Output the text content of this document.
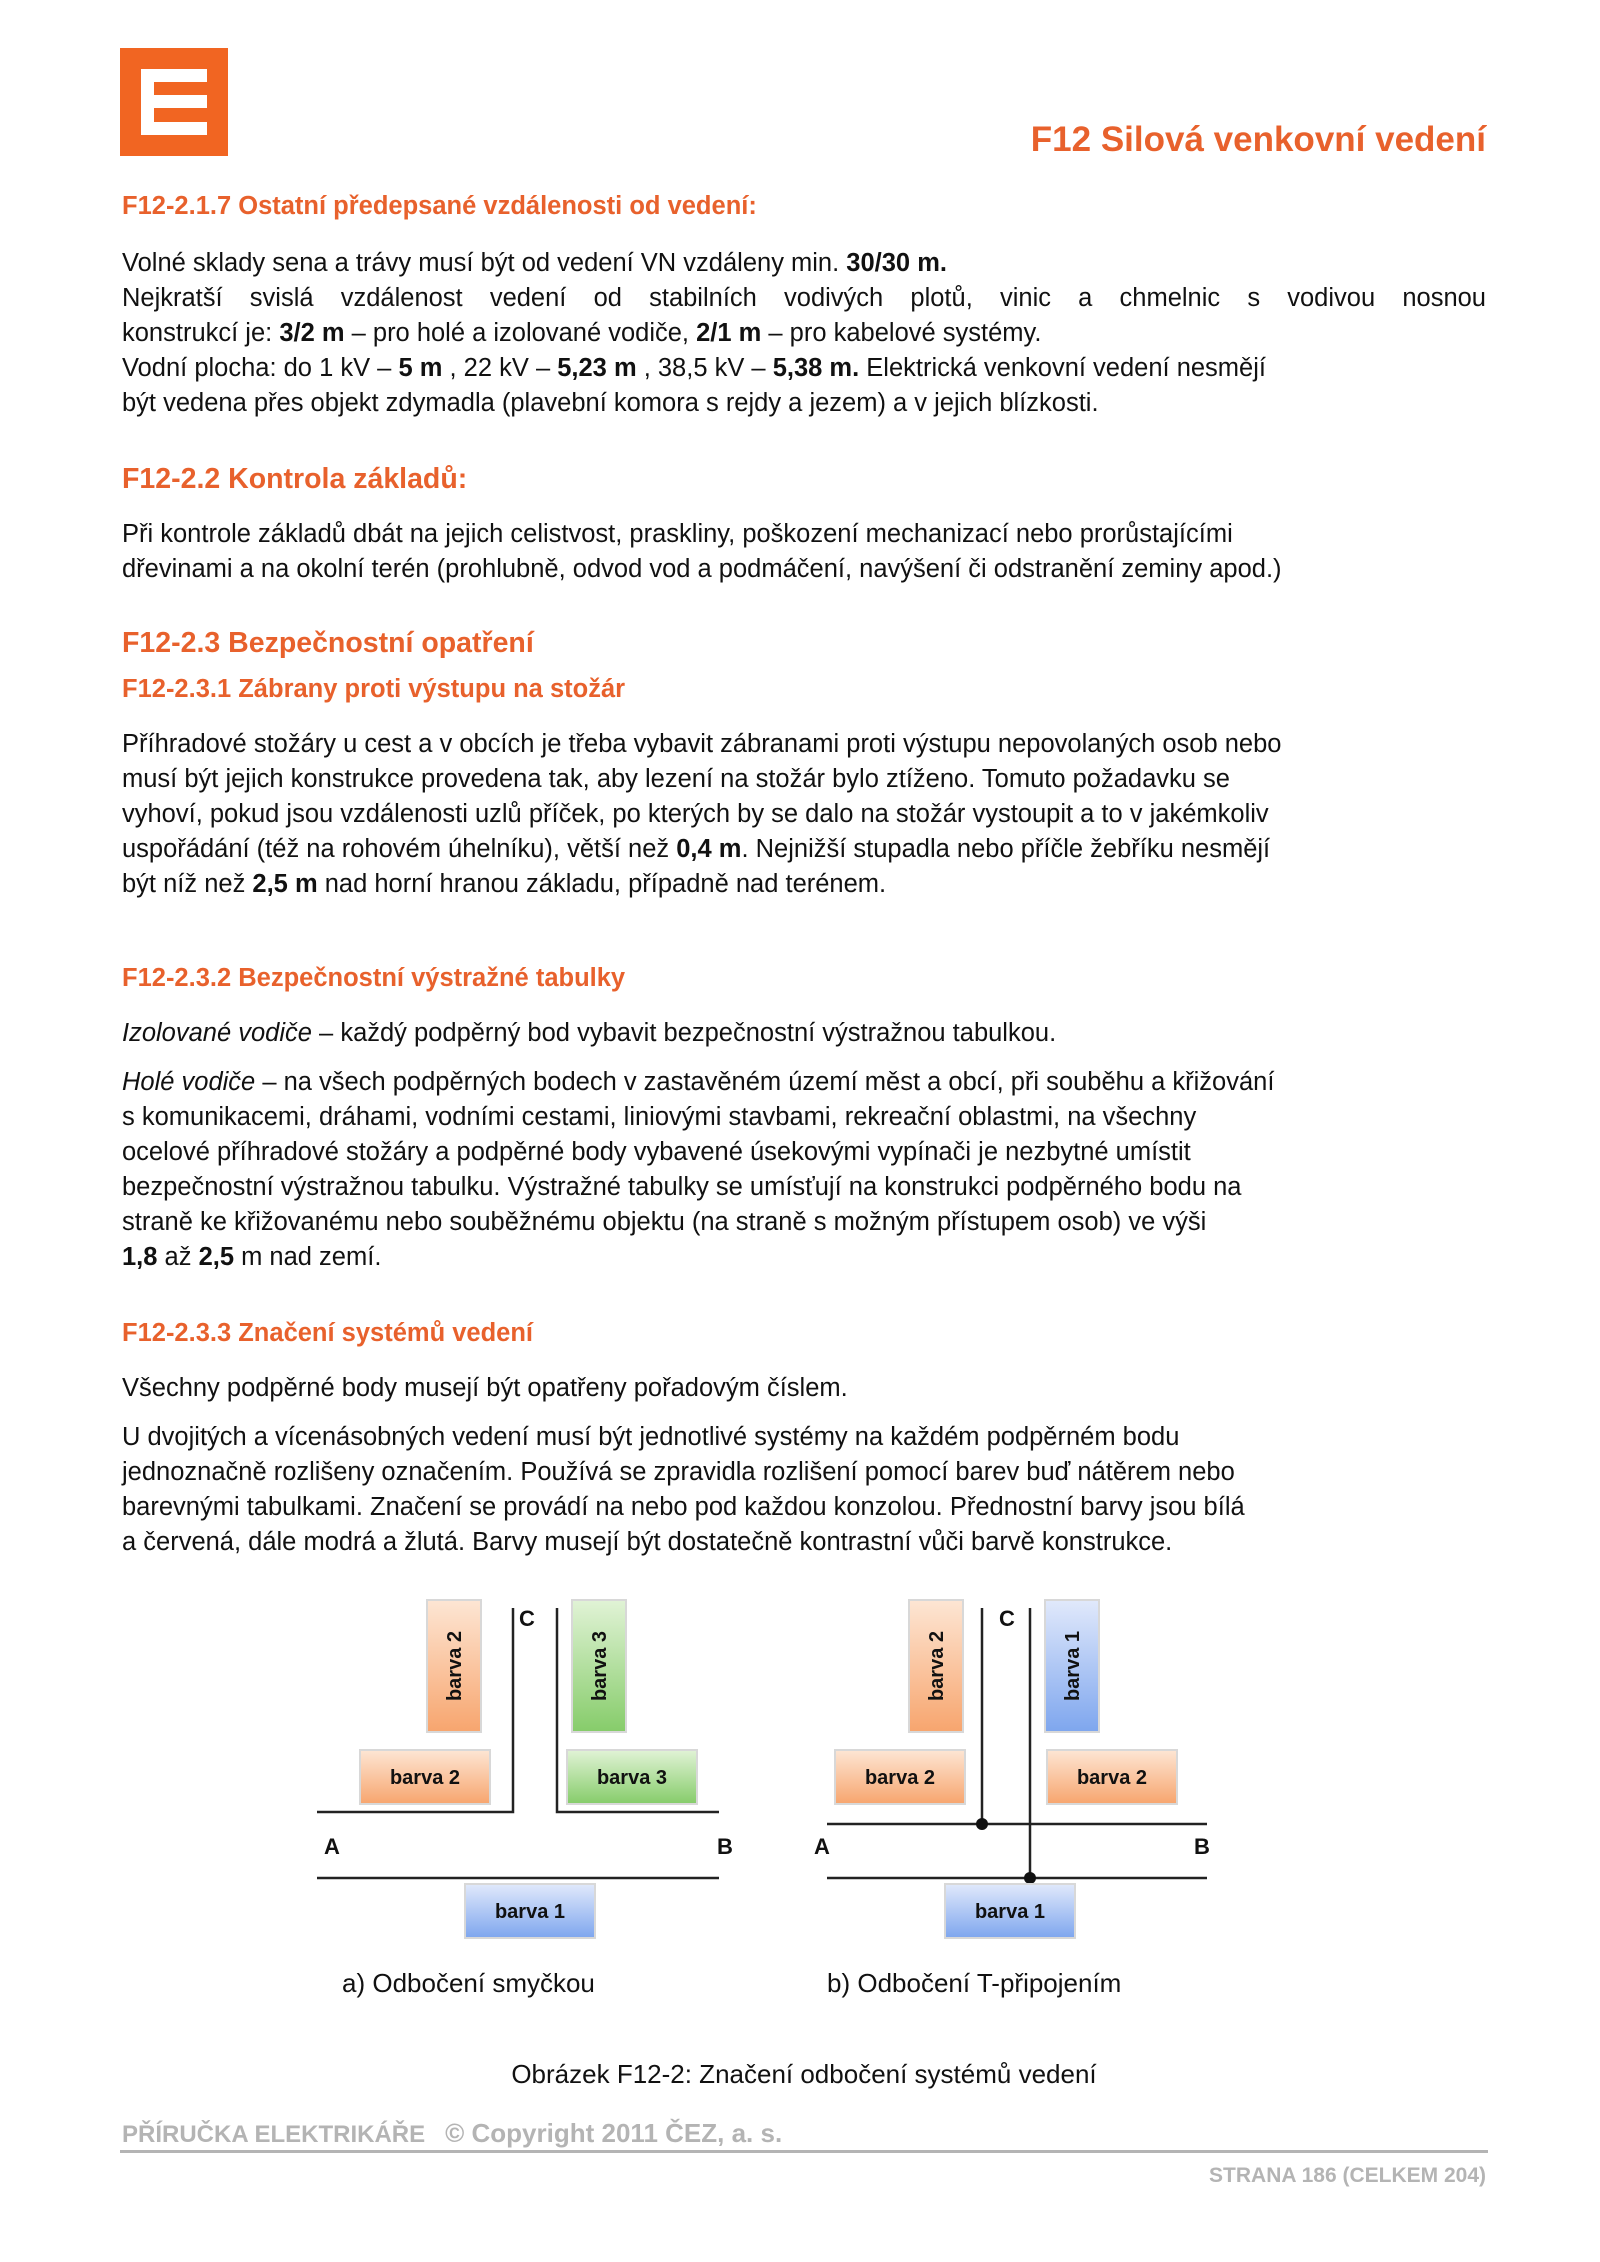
F12 Silová venkovní vedení
F12-2.1.7 Ostatní předepsané vzdálenosti od vedení:

Volné sklady sena a trávy musí být od vedení VN vzdáleny min. 30/30 m.

Nejkratší svislá vzdálenost vedení od stabilních vodivých plotů, vinic a chmelnic s vodivou nosnou

konstrukcí je: 3/2 m – pro holé a izolované vodiče, 2/1 m – pro kabelové systémy.

Vodní plocha: do 1 kV – 5 m , 22 kV – 5,23 m , 38,5 kV – 5,38 m. Elektrická venkovní vedení nesmějí

být vedena přes objekt zdymadla (plavební komora s rejdy a jezem) a v jejich blízkosti.

F12-2.2 Kontrola základů:

Při kontrole základů dbát na jejich celistvost, praskliny, poškození mechanizací nebo prorůstajícími

dřevinami a na okolní terén (prohlubně, odvod vod a podmáčení, navýšení či odstranění zeminy apod.)

F12-2.3 Bezpečnostní opatření
F12-2.3.1 Zábrany proti výstupu na stožár

Příhradové stožáry u cest a v obcích je třeba vybavit zábranami proti výstupu nepovolaných osob nebo

musí být jejich konstrukce provedena tak, aby lezení na stožár bylo ztíženo. Tomuto požadavku se

vyhoví, pokud jsou vzdálenosti uzlů příček, po kterých by se dalo na stožár vystoupit a to v jakémkoliv

uspořádání (též na rohovém úhelníku), větší než 0,4 m. Nejnižší stupadla nebo příčle žebříku nesmějí

být níž než 2,5 m nad horní hranou základu, případně nad terénem.

F12-2.3.2 Bezpečnostní výstražné tabulky

Izolované vodiče – každý podpěrný bod vybavit bezpečnostní výstražnou tabulkou.

Holé vodiče – na všech podpěrných bodech v zastavěném území měst a obcí, při souběhu a křižování

s komunikacemi, dráhami, vodními cestami, liniovými stavbami, rekreační oblastmi, na všechny

ocelové příhradové stožáry a podpěrné body vybavené úsekovými vypínači je nezbytné umístit

bezpečnostní výstražnou tabulku. Výstražné tabulky se umísťují na konstrukci podpěrného bodu na

straně ke křižovanému nebo souběžnému objektu (na straně s možným přístupem osob) ve výši

1,8 až 2,5 m nad zemí.

F12-2.3.3 Značení systémů vedení

Všechny podpěrné body musejí být opatřeny pořadovým číslem.

U dvojitých a vícenásobných vedení musí být jednotlivé systémy na každém podpěrném bodu

jednoznačně rozlišeny označením. Používá se zpravidla rozlišení pomocí barev buď nátěrem nebo

barevnými tabulkami. Značení se provádí na nebo pod každou konzolou. Přednostní barvy jsou bílá

a červená, dále modrá a žlutá. Barvy musejí být dostatečně kontrastní vůči barvě konstrukce.

barva 2	barva 3
C
barva 2	barva 3
A	B
barva 1
barva 2	barva 1
C
barva 2	barva 2
A	B
barva 1
a) Odbočení smyčkou	b) Odbočení T-připojením
Obrázek F12-2: Značení odbočení systémů vedení

PŘÍRUČKA ELEKTRIKÁŘE © Copyright 2011 ČEZ, a. s.

STRANA 186 (CELKEM 204)
